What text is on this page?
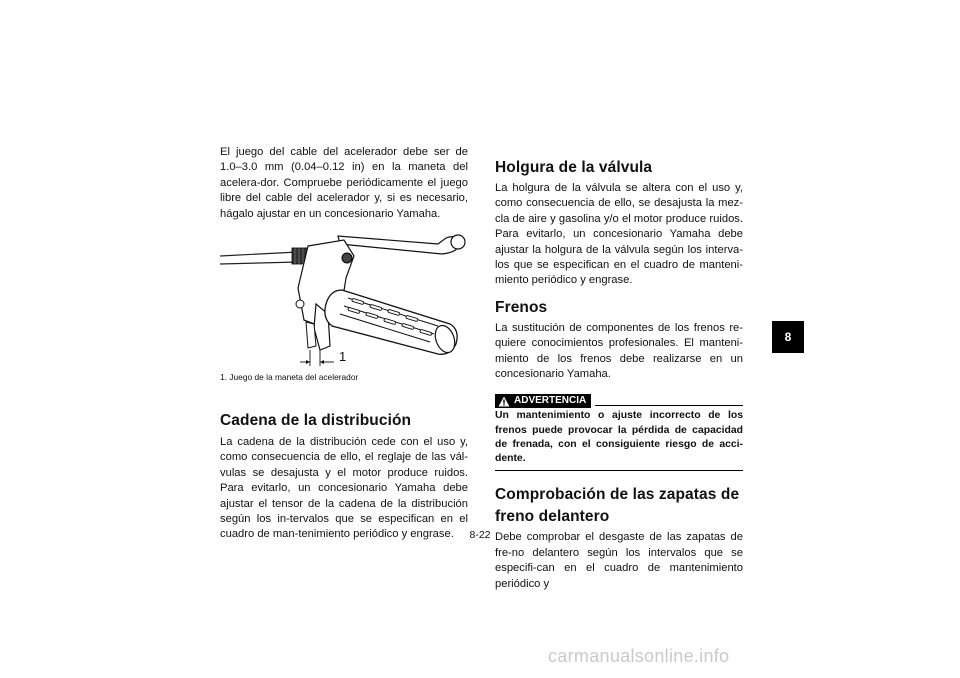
El juego del cable del acelerador debe ser de 1.0–3.0 mm (0.04–0.12 in) en la maneta del acelera-dor. Compruebe periódicamente el juego libre del cable del acelerador y, si es necesario, hágalo ajustar en un concesionario Yamaha.

1

1. Juego de la maneta del acelerador

Cadena de la distribución

La cadena de la distribución cede con el uso y, como consecuencia de ello, el reglaje de las vál-vulas se desajusta y el motor produce ruidos. Para evitarlo, un concesionario Yamaha debe ajustar el tensor de la cadena de la distribución según los in-tervalos que se especifican en el cuadro de man-tenimiento periódico y engrase.

Holgura de la válvula

La holgura de la válvula se altera con el uso y, como consecuencia de ello, se desajusta la mez-cla de aire y gasolina y/o el motor produce ruidos. Para evitarlo, un concesionario Yamaha debe ajustar la holgura de la válvula según los interva-los que se especifican en el cuadro de manteni-miento periódico y engrase.

Frenos

La sustitución de componentes de los frenos re-quiere conocimientos profesionales. El manteni-miento de los frenos debe realizarse en un concesionario Yamaha.

ADVERTENCIA

Un mantenimiento o ajuste incorrecto de los frenos puede provocar la pérdida de capacidad de frenada, con el consiguiente riesgo de acci-dente.

Comprobación de las zapatas de freno delantero

Debe comprobar el desgaste de las zapatas de fre-no delantero según los intervalos que se especifi-can en el cuadro de mantenimiento periódico y

8-22
8
carmanualsonline.info
